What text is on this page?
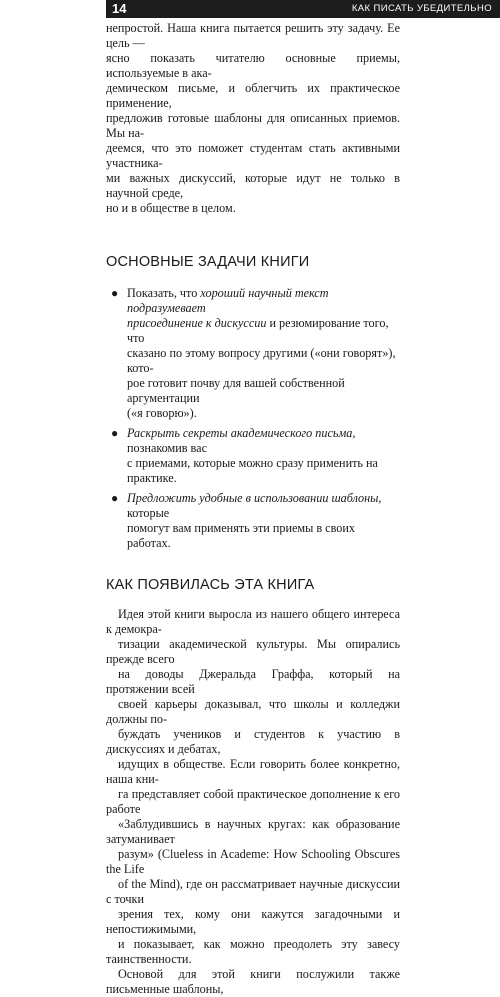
14	КАК ПИСАТЬ УБЕДИТЕЛЬНО

непростой. Наша книга пытается решить эту задачу. Ее цель —
ясно показать читателю основные приемы, используемые в ака-
демическом письме, и облегчить их практическое применение,
предложив готовые шаблоны для описанных приемов. Мы на-
деемся, что это поможет студентам стать активными участника-
ми важных дискуссий, которые идут не только в научной среде,
но и в обществе в целом.

ОСНОВНЫЕ ЗАДАЧИ КНИГИ
● Показать, что хороший научный текст подразумевает
присоединение к дискуссии и резюмирование того, что
сказано по этому вопросу другими («они говорят»), кото-
рое готовит почву для вашей собственной аргументации
(«я говорю»).
● Раскрыть секреты академического письма, познакомив вас
с приемами, которые можно сразу применить на практике.
● Предложить удобные в использовании шаблоны, которые
помогут вам применять эти приемы в своих работах.
КАК ПОЯВИЛАСЬ ЭТА КНИГА

Идея этой книги выросла из нашего общего интереса к демокра-
тизации академической культуры. Мы опирались прежде всего
на доводы Джеральда Граффа, который на протяжении всей
своей карьеры доказывал, что школы и колледжи должны по-
буждать учеников и студентов к участию в дискуссиях и дебатах,
идущих в обществе. Если говорить более конкретно, наша кни-
га представляет собой практическое дополнение к его работе
«Заблудившись в научных кругах: как образование затуманивает
разум» (Clueless in Academe: How Schooling Obscures the Life
of the Mind), где он рассматривает научные дискуссии с точки
зрения тех, кому они кажутся загадочными и непостижимыми,
и показывает, как можно преодолеть эту завесу таинственности.
Основой для этой книги послужили также письменные шаблоны,
